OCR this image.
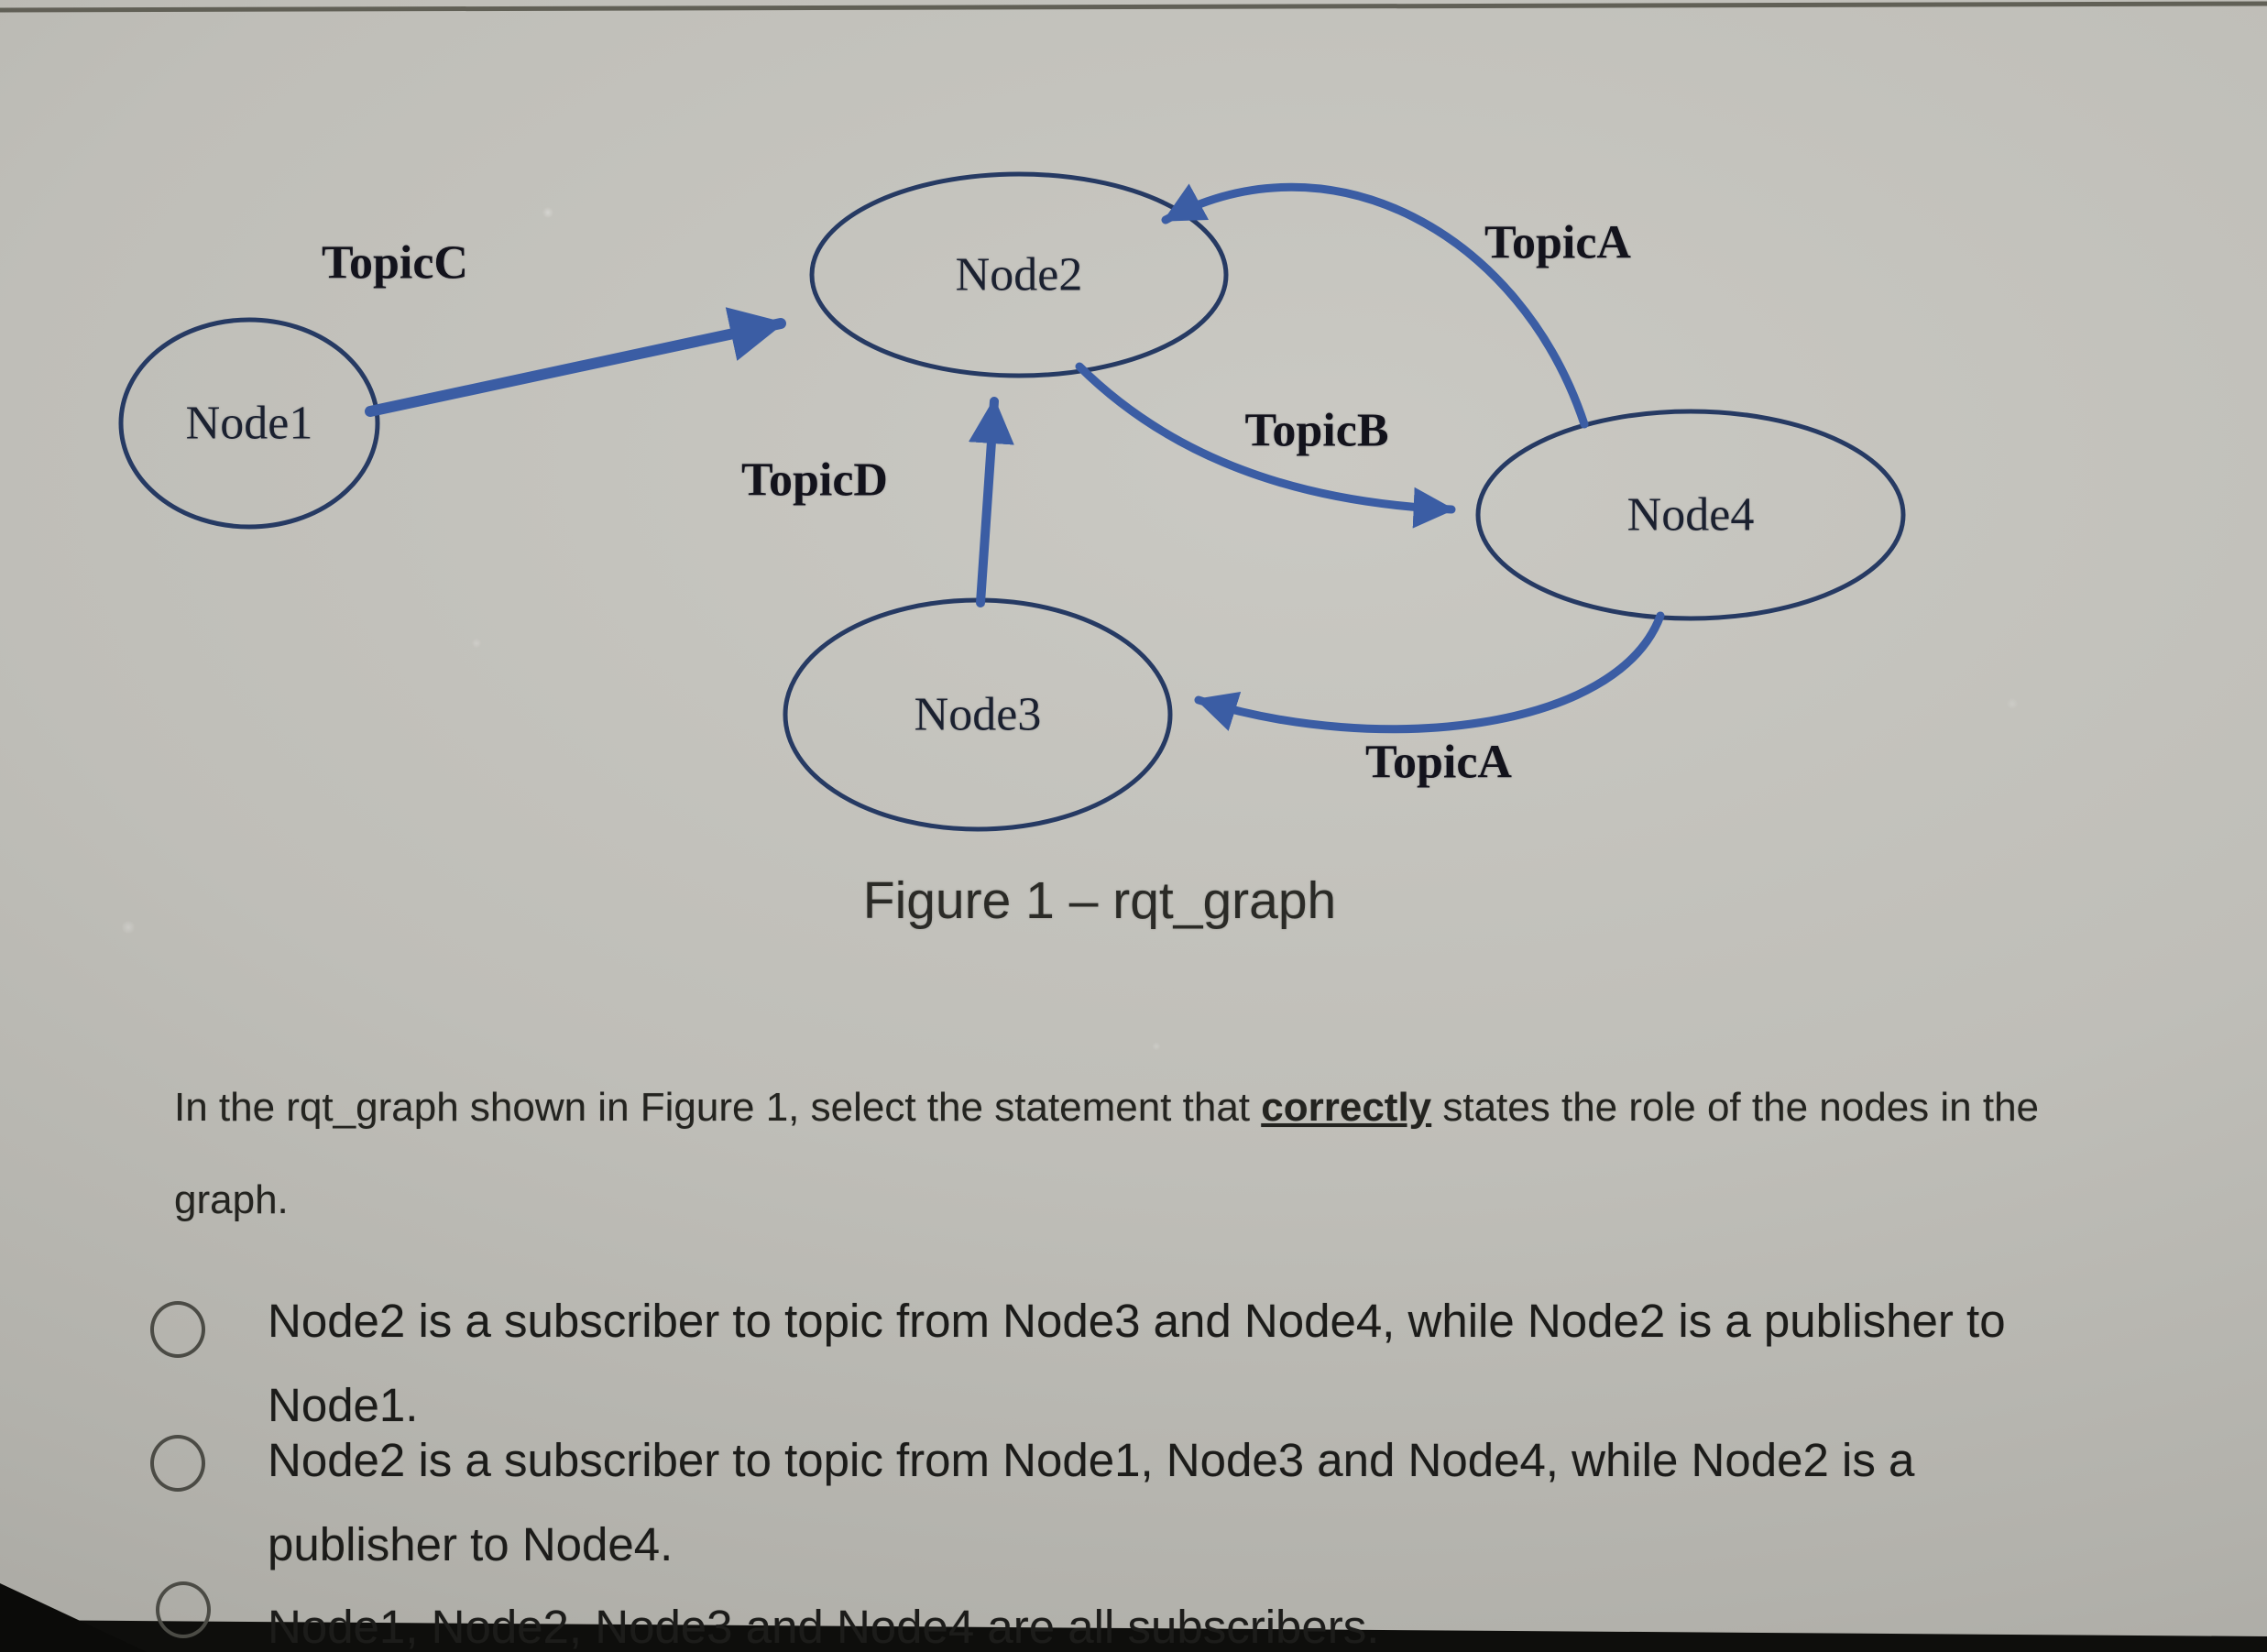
Node1
Node2
Node3
Node4
TopicC	TopicA
TopicB
TopicD
TopicA
Figure 1 – rqt_graph
In the rqt_graph shown in Figure 1, select the statement that correctly states the role of the nodes in the graph.
Node2 is a subscriber to topic from Node3 and Node4, while Node2 is a publisher to Node1.
Node2 is a subscriber to topic from Node1, Node3 and Node4, while Node2 is a publisher to Node4.
Node1, Node2, Node3 and Node4 are all subscribers.
